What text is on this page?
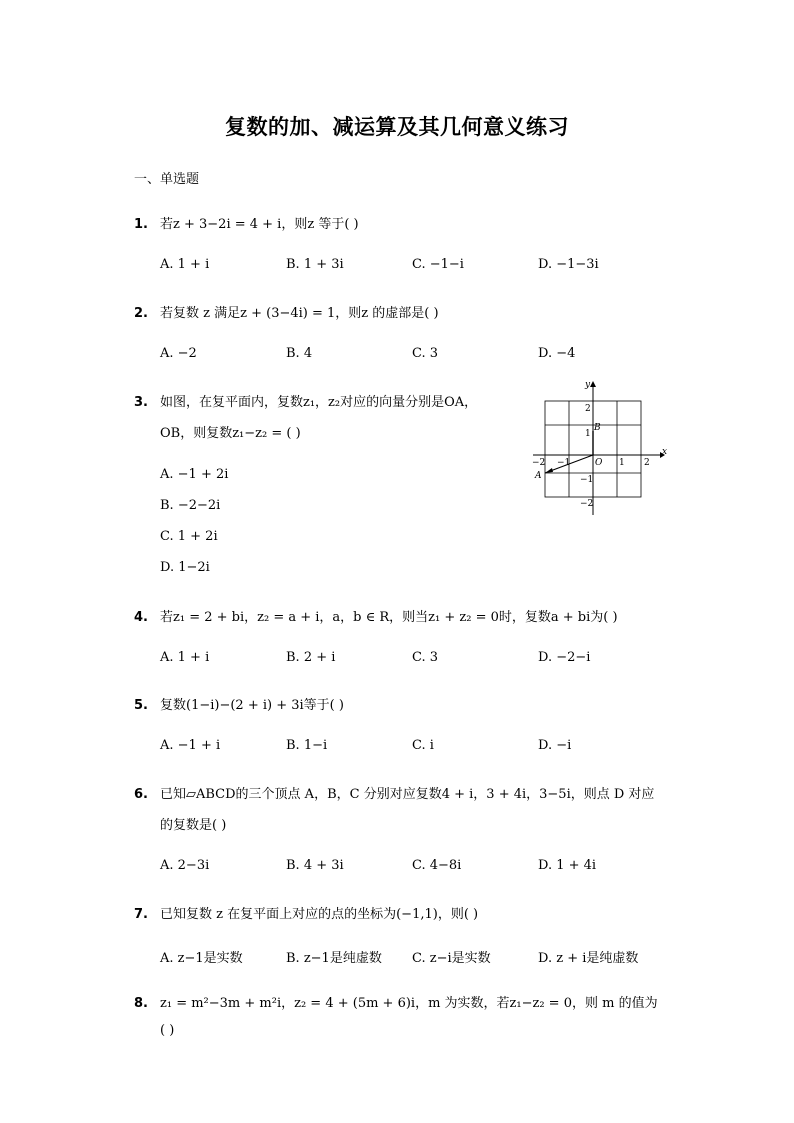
复数的加、减运算及其几何意义练习
一、单选题
1. 若z + 3−2i = 4 + i，则z 等于( )
A. 1 + i	B. 1 + 3i	C. −1−i	D. −1−3i
2. 若复数 z 满足z + (3−4i) = 1，则z 的虚部是( )
A. −2	B. 4	C. 3	D. −4
3. 如图，在复平面内，复数z₁，z₂对应的向量分别是OA，
OB，则复数z₁−z₂ = ( )
A. −1 + 2i
B. −2−2i
C. 1 + 2i
D. 1−2i
x
y
O
A
B
−2 −1	1 2
2
1
−1
−2
4. 若z₁ = 2 + bi，z₂ = a + i，a，b ∈ R，则当z₁ + z₂ = 0时，复数a + bi为( )
A. 1 + i	B. 2 + i	C. 3	D. −2−i
5. 复数(1−i)−(2 + i) + 3i等于( )
A. −1 + i	B. 1−i	C. i	D. −i
6. 已知▱ABCD的三个顶点 A，B，C 分别对应复数4 + i，3 + 4i，3−5i，则点 D 对应
的复数是( )
A. 2−3i	B. 4 + 3i	C. 4−8i	D. 1 + 4i
7. 已知复数 z 在复平面上对应的点的坐标为(−1,1)，则( )
A. z−1是实数	B. z−1是纯虚数 C. z−i是实数	D. z + i是纯虚数
8. z₁ = m²−3m + m²i，z₂ = 4 + (5m + 6)i，m 为实数，若z₁−z₂ = 0，则 m 的值为
( )
